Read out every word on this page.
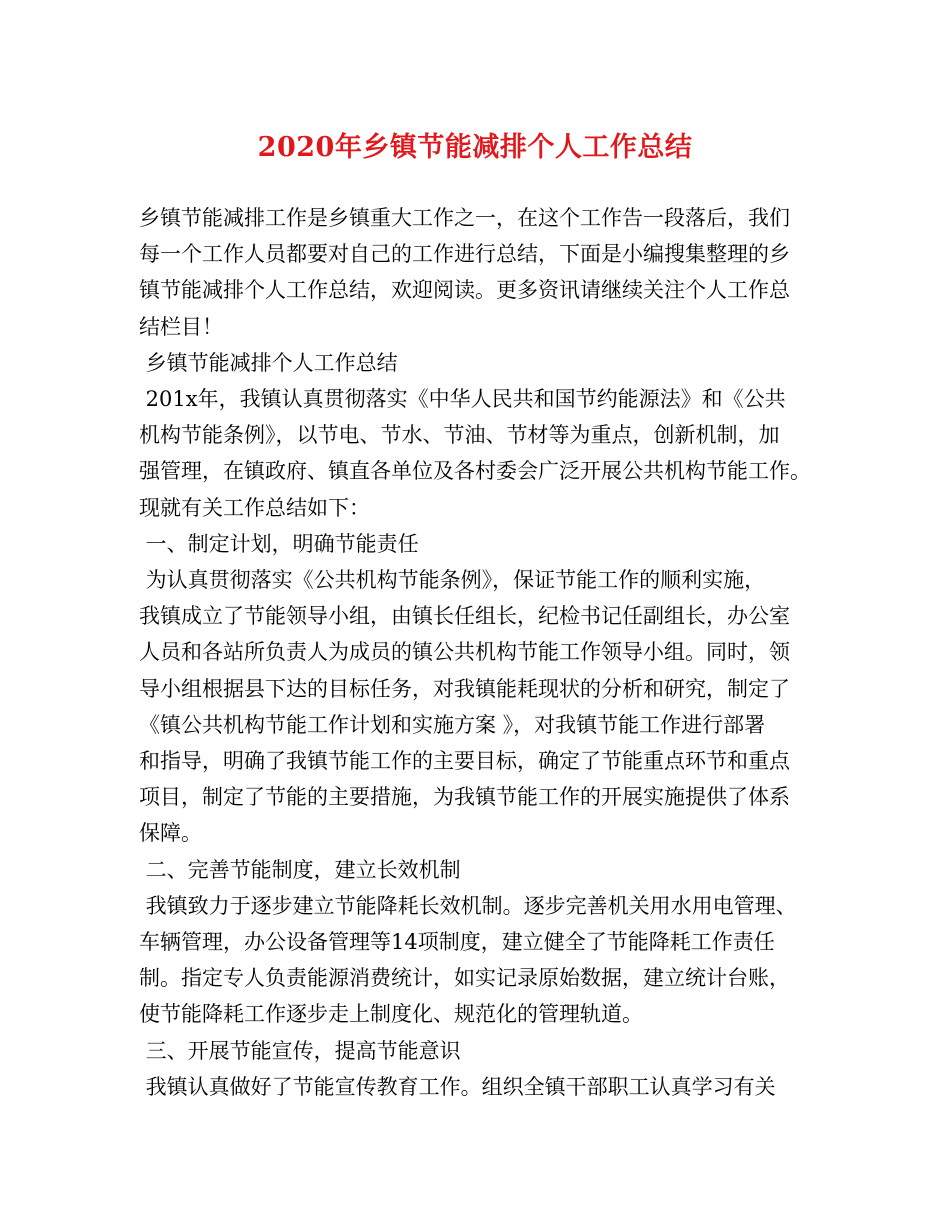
2020年乡镇节能减排个人工作总结
乡镇节能减排工作是乡镇重大工作之一，在这个工作告一段落后，我们
每一个工作人员都要对自己的工作进行总结，下面是小编搜集整理的乡
镇节能减排个人工作总结，欢迎阅读。更多资讯请继续关注个人工作总
结栏目！
乡镇节能减排个人工作总结
201x年，我镇认真贯彻落实《中华人民共和国节约能源法》和《公共
机构节能条例》，以节电、节水、节油、节材等为重点，创新机制，加
强管理，在镇政府、镇直各单位及各村委会广泛开展公共机构节能工作。
现就有关工作总结如下：
一、制定计划，明确节能责任
为认真贯彻落实《公共机构节能条例》，保证节能工作的顺利实施，
我镇成立了节能领导小组，由镇长任组长，纪检书记任副组长，办公室
人员和各站所负责人为成员的镇公共机构节能工作领导小组。同时，领
导小组根据县下达的目标任务，对我镇能耗现状的分析和研究，制定了
《镇公共机构节能工作计划和实施方案 》，对我镇节能工作进行部署
和指导，明确了我镇节能工作的主要目标，确定了节能重点环节和重点
项目，制定了节能的主要措施，为我镇节能工作的开展实施提供了体系
保障。
二、完善节能制度，建立长效机制
我镇致力于逐步建立节能降耗长效机制。逐步完善机关用水用电管理、
车辆管理，办公设备管理等14项制度，建立健全了节能降耗工作责任
制。指定专人负责能源消费统计，如实记录原始数据，建立统计台账，
使节能降耗工作逐步走上制度化、规范化的管理轨道。
三、开展节能宣传，提高节能意识
我镇认真做好了节能宣传教育工作。组织全镇干部职工认真学习有关
